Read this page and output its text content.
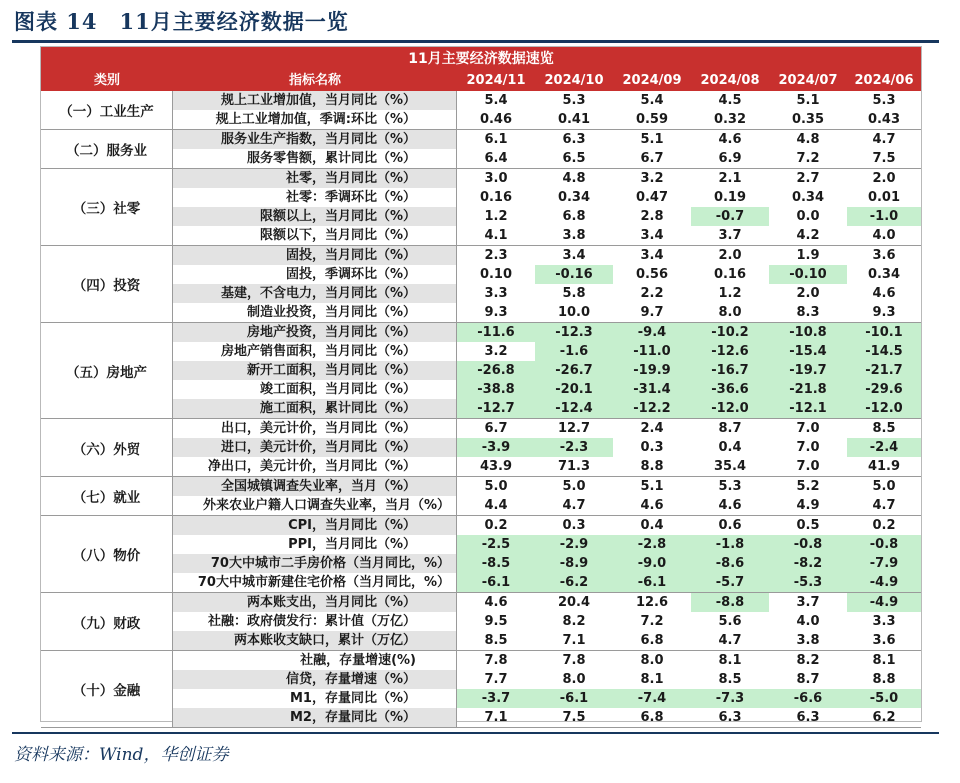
图表 14　11月主要经济数据一览
11月主要经济数据速览
类别	指标名称	2024/11	2024/10	2024/09	2024/08	2024/07	2024/06
（一）工业生产
规上工业增加值，当月同比（%）	5.4	5.3	5.4	4.5	5.1	5.3
规上工业增加值，季调:环比（%）	0.46	0.41	0.59	0.32	0.35	0.43
（二）服务业
服务业生产指数，当月同比（%）	6.1	6.3	5.1	4.6	4.8	4.7
服务零售额，累计同比（%）	6.4	6.5	6.7	6.9	7.2	7.5
（三）社零
社零，当月同比（%）	3.0	4.8	3.2	2.1	2.7	2.0
社零：季调环比（%）	0.16	0.34	0.47	0.19	0.34	0.01
限额以上，当月同比（%）	1.2	6.8	2.8	-0.7	0.0	-1.0
限额以下，当月同比（%）	4.1	3.8	3.4	3.7	4.2	4.0
（四）投资
固投，当月同比（%）	2.3	3.4	3.4	2.0	1.9	3.6
固投，季调环比（%）	0.10	-0.16	0.56	0.16	-0.10	0.34
基建，不含电力，当月同比（%）	3.3	5.8	2.2	1.2	2.0	4.6
制造业投资，当月同比（%）	9.3	10.0	9.7	8.0	8.3	9.3
（五）房地产
房地产投资，当月同比（%）	-11.6	-12.3	-9.4	-10.2	-10.8	-10.1
房地产销售面积，当月同比（%）	3.2	-1.6	-11.0	-12.6	-15.4	-14.5
新开工面积，当月同比（%）	-26.8	-26.7	-19.9	-16.7	-19.7	-21.7
竣工面积，当月同比（%）	-38.8	-20.1	-31.4	-36.6	-21.8	-29.6
施工面积，累计同比（%）	-12.7	-12.4	-12.2	-12.0	-12.1	-12.0
（六）外贸
出口，美元计价，当月同比（%）	6.7	12.7	2.4	8.7	7.0	8.5
进口，美元计价，当月同比（%）	-3.9	-2.3	0.3	0.4	7.0	-2.4
净出口，美元计价，当月同比（%）	43.9	71.3	8.8	35.4	7.0	41.9
（七）就业
全国城镇调查失业率，当月（%）	5.0	5.0	5.1	5.3	5.2	5.0
外来农业户籍人口调查失业率，当月（%）	4.4	4.7	4.6	4.6	4.9	4.7
（八）物价
CPI，当月同比（%）	0.2	0.3	0.4	0.6	0.5	0.2
PPI，当月同比（%）	-2.5	-2.9	-2.8	-1.8	-0.8	-0.8
70大中城市二手房价格（当月同比，%）	-8.5	-8.9	-9.0	-8.6	-8.2	-7.9
70大中城市新建住宅价格（当月同比，%）	-6.1	-6.2	-6.1	-5.7	-5.3	-4.9
（九）财政
两本账支出，当月同比（%）	4.6	20.4	12.6	-8.8	3.7	-4.9
社融：政府债发行：累计值（万亿）	9.5	8.2	7.2	5.6	4.0	3.3
两本账收支缺口，累计（万亿）	8.5	7.1	6.8	4.7	3.8	3.6
（十）金融
社融，存量增速(%)	7.8	7.8	8.0	8.1	8.2	8.1
信贷，存量增速（%）	7.7	8.0	8.1	8.5	8.7	8.8
M1，存量同比（%）	-3.7	-6.1	-7.4	-7.3	-6.6	-5.0
M2，存量同比（%）	7.1	7.5	6.8	6.3	6.3	6.2
资料来源：Wind，华创证券
